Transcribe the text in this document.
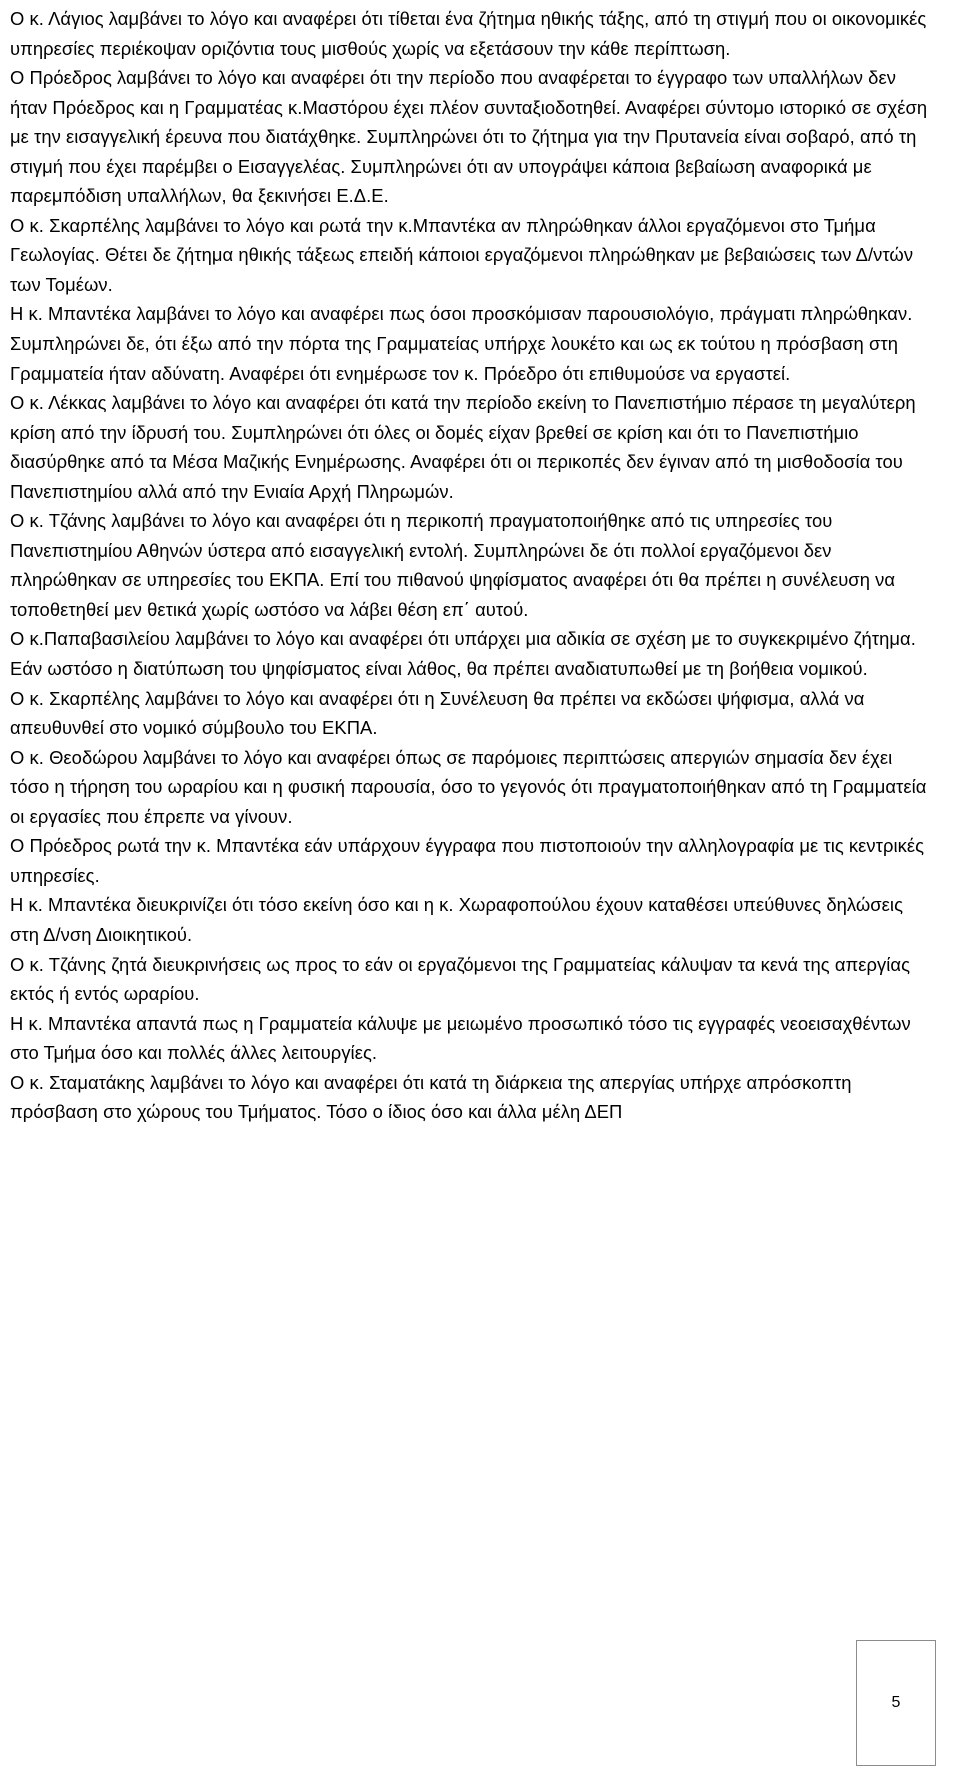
Ο κ. Λάγιος λαμβάνει το λόγο και αναφέρει ότι τίθεται ένα ζήτημα ηθικής τάξης, από τη στιγμή που οι οικονομικές υπηρεσίες περιέκοψαν οριζόντια τους μισθούς χωρίς να εξετάσουν την κάθε περίπτωση.

Ο Πρόεδρος λαμβάνει το λόγο και αναφέρει ότι την περίοδο που αναφέρεται το έγγραφο των υπαλλήλων δεν ήταν Πρόεδρος και η Γραμματέας κ.Μαστόρου έχει πλέον συνταξιοδοτηθεί. Αναφέρει σύντομο ιστορικό σε σχέση με την εισαγγελική έρευνα που διατάχθηκε. Συμπληρώνει ότι το ζήτημα για την Πρυτανεία είναι σοβαρό, από τη στιγμή που έχει παρέμβει ο Εισαγγελέας. Συμπληρώνει ότι αν υπογράψει κάποια βεβαίωση αναφορικά με παρεμπόδιση υπαλλήλων, θα ξεκινήσει Ε.Δ.Ε.

Ο κ. Σκαρπέλης λαμβάνει το λόγο και ρωτά την κ.Μπαντέκα αν πληρώθηκαν άλλοι εργαζόμενοι στο Τμήμα Γεωλογίας. Θέτει δε ζήτημα ηθικής τάξεως επειδή κάποιοι εργαζόμενοι πληρώθηκαν με βεβαιώσεις των Δ/ντών των Τομέων.

Η κ. Μπαντέκα λαμβάνει το λόγο και αναφέρει πως όσοι προσκόμισαν παρουσιολόγιο, πράγματι πληρώθηκαν. Συμπληρώνει δε, ότι έξω από την πόρτα της Γραμματείας υπήρχε λουκέτο και ως εκ τούτου η πρόσβαση στη Γραμματεία ήταν αδύνατη. Αναφέρει ότι ενημέρωσε τον κ. Πρόεδρο ότι επιθυμούσε να εργαστεί.

Ο κ. Λέκκας λαμβάνει το λόγο και αναφέρει ότι κατά την περίοδο εκείνη το Πανεπιστήμιο πέρασε τη μεγαλύτερη κρίση από την ίδρυσή του. Συμπληρώνει ότι όλες οι δομές είχαν βρεθεί σε κρίση και ότι το Πανεπιστήμιο διασύρθηκε από τα Μέσα Μαζικής Ενημέρωσης. Αναφέρει ότι οι περικοπές δεν έγιναν από τη μισθοδοσία του Πανεπιστημίου αλλά από την Ενιαία Αρχή Πληρωμών.

Ο κ. Τζάνης λαμβάνει το λόγο και αναφέρει ότι η περικοπή πραγματοποιήθηκε από τις υπηρεσίες του Πανεπιστημίου Αθηνών ύστερα από εισαγγελική εντολή. Συμπληρώνει δε ότι πολλοί εργαζόμενοι δεν πληρώθηκαν σε υπηρεσίες του ΕΚΠΑ. Επί του πιθανού ψηφίσματος αναφέρει ότι θα πρέπει η συνέλευση να τοποθετηθεί μεν θετικά χωρίς ωστόσο να λάβει θέση επ΄ αυτού.

Ο κ.Παπαβασιλείου λαμβάνει το λόγο και αναφέρει ότι υπάρχει μια αδικία σε σχέση με το συγκεκριμένο ζήτημα. Εάν ωστόσο η διατύπωση του ψηφίσματος είναι λάθος, θα πρέπει αναδιατυπωθεί με τη βοήθεια νομικού.

Ο κ. Σκαρπέλης λαμβάνει το λόγο και αναφέρει ότι η Συνέλευση θα πρέπει να εκδώσει ψήφισμα, αλλά να απευθυνθεί στο νομικό σύμβουλο του ΕΚΠΑ.

Ο κ. Θεοδώρου λαμβάνει το λόγο και αναφέρει όπως σε παρόμοιες περιπτώσεις απεργιών σημασία δεν έχει τόσο η τήρηση του ωραρίου και η φυσική παρουσία, όσο το γεγονός ότι πραγματοποιήθηκαν από τη Γραμματεία οι εργασίες που έπρεπε να γίνουν.

Ο Πρόεδρος ρωτά την κ. Μπαντέκα εάν υπάρχουν έγγραφα που πιστοποιούν την αλληλογραφία με τις κεντρικές υπηρεσίες.

Η κ. Μπαντέκα διευκρινίζει ότι τόσο εκείνη όσο και η κ. Χωραφοπούλου έχουν καταθέσει υπεύθυνες δηλώσεις στη Δ/νση Διοικητικού.

Ο κ. Τζάνης ζητά διευκρινήσεις ως προς το εάν οι εργαζόμενοι της Γραμματείας κάλυψαν τα κενά της απεργίας εκτός ή εντός ωραρίου.

Η κ. Μπαντέκα απαντά πως η Γραμματεία κάλυψε με μειωμένο προσωπικό τόσο τις εγγραφές νεοεισαχθέντων στο Τμήμα όσο και πολλές άλλες λειτουργίες.

Ο κ. Σταματάκης λαμβάνει το λόγο και αναφέρει ότι κατά τη διάρκεια της απεργίας υπήρχε απρόσκοπτη πρόσβαση στο χώρους του Τμήματος. Τόσο ο ίδιος όσο και άλλα μέλη ΔΕΠ

5
